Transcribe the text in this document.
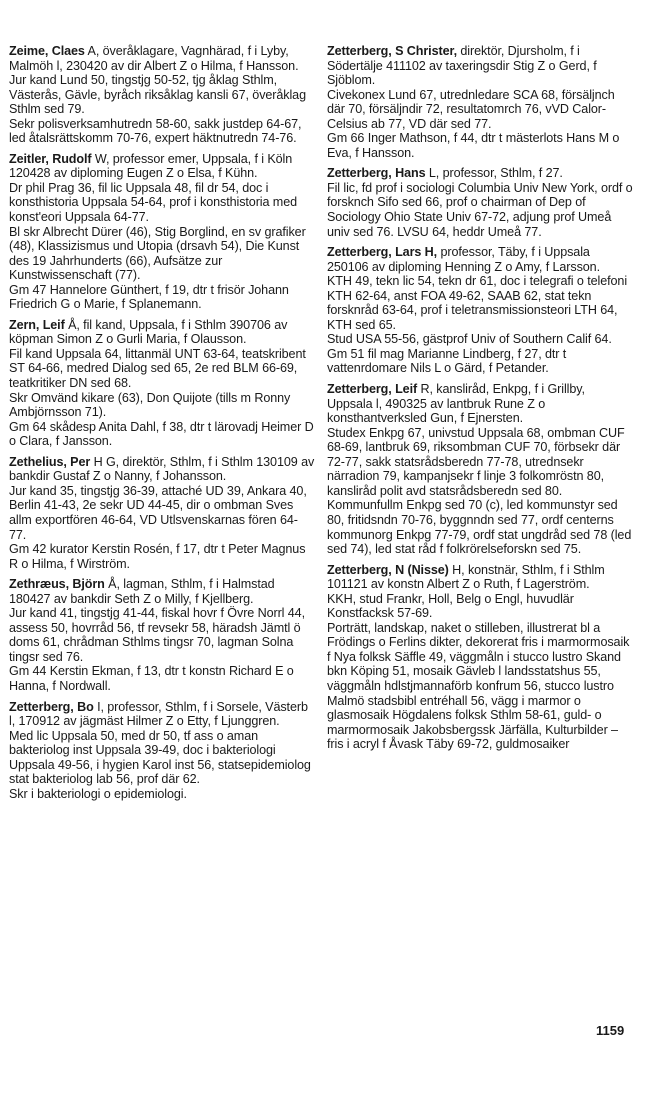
Zeime, Claes A, överåklagare, Vagnhärad, f i Lyby, Malmöh l, 230420 av dir Albert Z o Hilma, f Hansson.

Jur kand Lund 50, tingstjg 50-52, tjg åklag Sthlm, Västerås, Gävle, byråch riksåklag kansli 67, överåklag Sthlm sed 79.

Sekr polisverksamhutredn 58-60, sakk justdep 64-67, led åtalsrättskomm 70-76, expert häktnutredn 74-76.

Zeitler, Rudolf W, professor emer, Uppsala, f i Köln 120428 av diploming Eugen Z o Elsa, f Kühn.

Dr phil Prag 36, fil lic Uppsala 48, fil dr 54, doc i konsthistoria Uppsala 54-64, prof i konsthistoria med konst'eori Uppsala 64-77.

Bl skr Albrecht Dürer (46), Stig Borglind, en sv grafiker (48), Klassizismus und Utopia (drsavh 54), Die Kunst des 19 Jahrhunderts (66), Aufsätze zur Kunstwissenschaft (77).

Gm 47 Hannelore Günthert, f 19, dtr t frisör Johann Friedrich G o Marie, f Splanemann.

Zern, Leif Å, fil kand, Uppsala, f i Sthlm 390706 av köpman Simon Z o Gurli Maria, f Olausson.

Fil kand Uppsala 64, littanmäl UNT 63-64, teatskribent ST 64-66, medred Dialog sed 65, 2e red BLM 66-69, teatkritiker DN sed 68.

Skr Omvänd kikare (63), Don Quijote (tills m Ronny Ambjörnsson 71).

Gm 64 skådesp Anita Dahl, f 38, dtr t lärovadj Heimer D o Clara, f Jansson.

Zethelius, Per H G, direktör, Sthlm, f i Sthlm 130109 av bankdir Gustaf Z o Nanny, f Johansson.

Jur kand 35, tingstjg 36-39, attaché UD 39, Ankara 40, Berlin 41-43, 2e sekr UD 44-45, dir o ombman Sves allm exportfören 46-64, VD Utlsvenskarnas fören 64-77.

Gm 42 kurator Kerstin Rosén, f 17, dtr t Peter Magnus R o Hilma, f Wirström.

Zethræus, Björn Å, lagman, Sthlm, f i Halmstad 180427 av bankdir Seth Z o Milly, f Kjellberg.

Jur kand 41, tingstjg 41-44, fiskal hovr f Övre Norrl 44, assess 50, hovrråd 56, tf revsekr 58, häradsh Jämtl ö doms 61, chrådman Sthlms tingsr 70, lagman Solna tingsr sed 76.

Gm 44 Kerstin Ekman, f 13, dtr t konstn Richard E o Hanna, f Nordwall.

Zetterberg, Bo I, professor, Sthlm, f i Sorsele, Västerb l, 170912 av jägmäst Hilmer Z o Etty, f Ljunggren.

Med lic Uppsala 50, med dr 50, tf ass o aman bakteriolog inst Uppsala 39-49, doc i bakteriologi Uppsala 49-56, i hygien Karol inst 56, statsepidemiolog stat bakteriolog lab 56, prof där 62.

Skr i bakteriologi o epidemiologi.

Zetterberg, S Christer, direktör, Djursholm, f i Södertälje 411102 av taxeringsdir Stig Z o Gerd, f Sjöblom.

Civekonex Lund 67, utrednledare SCA 68, försäljnch där 70, försäljndir 72, resultatomrch 76, vVD Calor-Celsius ab 77, VD där sed 77.

Gm 66 Inger Mathson, f 44, dtr t mästerlots Hans M o Eva, f Hansson.

Zetterberg, Hans L, professor, Sthlm, f 27.

Fil lic, fd prof i sociologi Columbia Univ New York, ordf o forsknch Sifo sed 66, prof o chairman of Dep of Sociology Ohio State Univ 67-72, adjung prof Umeå univ sed 76. LVSU 64, heddr Umeå 77.

Zetterberg, Lars H, professor, Täby, f i Uppsala 250106 av diploming Henning Z o Amy, f Larsson.

KTH 49, tekn lic 54, tekn dr 61, doc i telegrafi o telefoni KTH 62-64, anst FOA 49-62, SAAB 62, stat tekn forsknråd 63-64, prof i teletransmissionsteori LTH 64, KTH sed 65.

Stud USA 55-56, gästprof Univ of Southern Calif 64.

Gm 51 fil mag Marianne Lindberg, f 27, dtr t vattenrdomare Nils L o Gärd, f Petander.

Zetterberg, Leif R, kanslіråd, Enkpg, f i Grillby, Uppsala l, 490325 av lantbruk Rune Z o konsthantverksled Gun, f Ejnersten.

Studex Enkpg 67, univstud Uppsala 68, ombman CUF 68-69, lantbruk 69, riksombman CUF 70, förbsekr där 72-77, sakk statsrådsberedn 77-78, utrednsekr närradion 79, kampanjsekr f linje 3 folkomröstn 80, kanslіråd polit avd statsrådsberedn sed 80.

Kommunfullm Enkpg sed 70 (c), led kommunstyr sed 80, fritidsndn 70-76, byggnndn sed 77, ordf centerns kommunorg Enkpg 77-79, ordf stat ungdråd sed 78 (led sed 74), led stat råd f folkrörelseforskn sed 75.

Zetterberg, N (Nisse) H, konstnär, Sthlm, f i Sthlm 101121 av konstn Albert Z o Ruth, f Lagerström.

KKH, stud Frankr, Holl, Belg o Engl, huvudlär Konstfacksk 57-69.

Porträtt, landskap, naket o stilleben, illustrerat bl a Frödings o Ferlins dikter, dekorerat fris i marmormosaik f Nya folksk Säffle 49, väggmåln i stucco lustro Skand bkn Köping 51, mosaik Gävleb l landsstatshus 55, väggmåln hdlstjmannaförb konfrum 56, stucco lustro Malmö stadsbibl entréhall 56, vägg i marmor o glasmosaik Högdalens folksk Sthlm 58-61, guld- o marmormosaik Jakobsbergssk Järfälla, Kulturbilder – fris i acryl f Åvask Täby 69-72, guldmosaiker

1159
